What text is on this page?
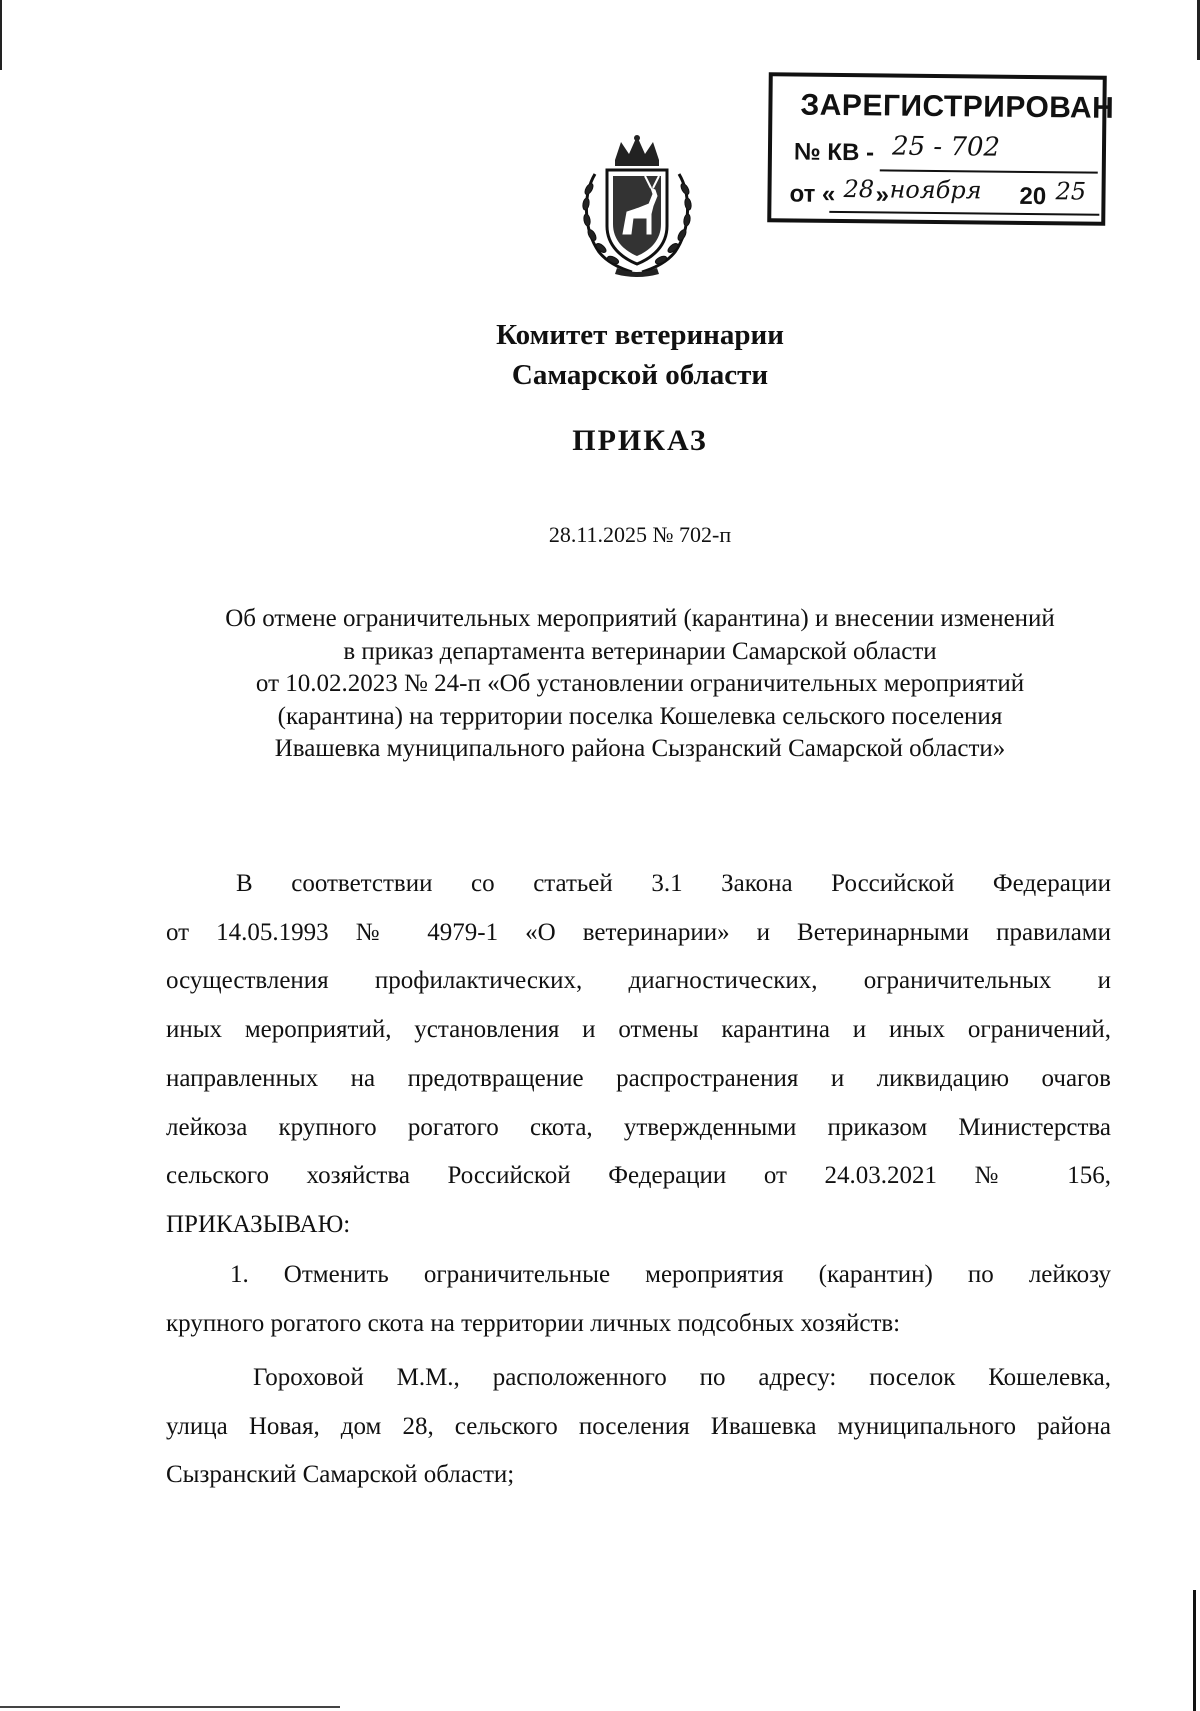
ЗАРЕГИСТРИРОВАН
№ КВ - 25 - 702
от « 28 » ноября 20 25
Комитет ветеринарии
Самарской области
ПРИКАЗ
28.11.2025 № 702-п
Об отмене ограничительных мероприятий (карантина) и внесении изменений
в приказ департамента ветеринарии Самарской области
от 10.02.2023 № 24-п «Об установлении ограничительных мероприятий
(карантина) на территории поселка Кошелевка сельского поселения
Ивашевка муниципального района Сызранский Самарской области»
В соответствии со статьей 3.1 Закона Российской Федерации
от 14.05.1993 № 4979-1 «О ветеринарии» и Ветеринарными правилами
осуществления профилактических, диагностических, ограничительных и
иных мероприятий, установления и отмены карантина и иных ограничений,
направленных на предотвращение распространения и ликвидацию очагов
лейкоза крупного рогатого скота, утвержденными приказом Министерства
сельского хозяйства Российской Федерации от 24.03.2021 № 156,
ПРИКАЗЫВАЮ:
1. Отменить ограничительные мероприятия (карантин) по лейкозу
крупного рогатого скота на территории личных подсобных хозяйств:
Гороховой М.М., расположенного по адресу: поселок Кошелевка,
улица Новая, дом 28, сельского поселения Ивашевка муниципального района
Сызранский Самарской области;
